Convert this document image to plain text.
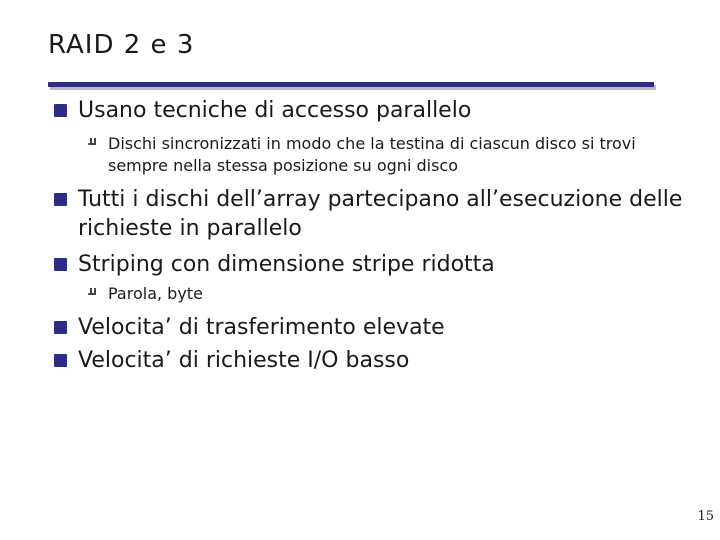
RAID 2 e 3
Usano tecniche di accesso parallelo
Dischi sincronizzati in modo che la testina di ciascun disco si trovi sempre nella stessa posizione su ogni disco
Tutti i dischi dell’array partecipano all’esecuzione delle richieste in parallelo
Striping con dimensione stripe ridotta
Parola, byte
Velocita’ di trasferimento elevate
Velocita’ di richieste I/O basso
15
